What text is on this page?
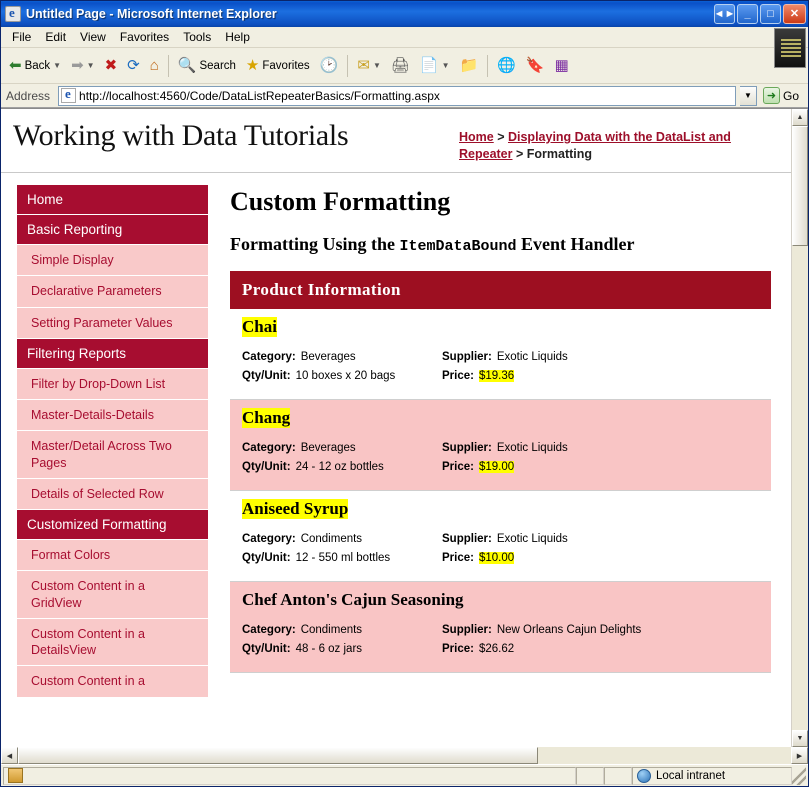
e
Untitled Page - Microsoft Internet Explorer	◄► _ □ ✕
File	Edit	View	Favorites	Tools	Help
⬅ Back ▼ ➡ ▼ ✖ ⟳ ⌂ 🔍 Search ★ Favorites 🕑 ✉ ▼ 🖨 📄 ▼ 📁 🌐 🔖 ▦
Address e	http://localhost:4560/Code/DataListRepeaterBasics/Formatting.aspx	▼	➜ Go
Working with Data Tutorials	Home > Displaying Data with the DataList and Repeater > Formatting
Home
Basic Reporting
Simple Display
Declarative Parameters
Setting Parameter Values
Filtering Reports
Filter by Drop-Down List
Master-Details-Details
Master/Detail Across Two Pages
Details of Selected Row
Customized Formatting
Format Colors
Custom Content in a GridView
Custom Content in a DetailsView
Custom Content in a
Custom Formatting
Formatting Using the ItemDataBound Event Handler
Product Information
Chai
Category: Beverages	Supplier: Exotic Liquids
Qty/Unit: 10 boxes x 20 bags	Price: $19.36
Chang
Category: Beverages	Supplier: Exotic Liquids
Qty/Unit: 24 - 12 oz bottles	Price: $19.00
Aniseed Syrup
Category: Condiments	Supplier: Exotic Liquids
Qty/Unit: 12 - 550 ml bottles	Price: $10.00
Chef Anton's Cajun Seasoning
Category: Condiments	Supplier: New Orleans Cajun Delights
Qty/Unit: 48 - 6 oz jars	Price: $26.62
▲
▼
◀	▶
Local intranet
